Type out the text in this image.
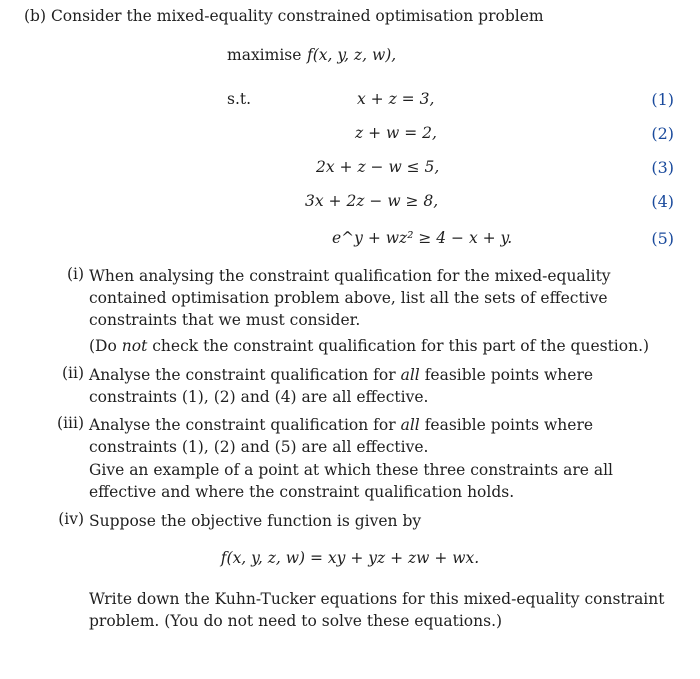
(b) Consider the mixed-equality constrained optimisation problem
maximise f(x, y, z, w),
s.t.	x + z = 3,	(1)
z + w = 2,	(2)
2x + z − w ≤ 5,	(3)
3x + 2z − w ≥ 8,	(4)
e^y + wz² ≥ 4 − x + y.	(5)
(i) When analysing the constraint qualification for the mixed-equality contained optimisation problem above, list all the sets of effective constraints that we must consider.
(Do not check the constraint qualification for this part of the question.)
(ii) Analyse the constraint qualification for all feasible points where constraints (1), (2) and (4) are all effective.
(iii) Analyse the constraint qualification for all feasible points where constraints (1), (2) and (5) are all effective.
Give an example of a point at which these three constraints are all effective and where the constraint qualification holds.
(iv) Suppose the objective function is given by
f(x, y, z, w) = xy + yz + zw + wx.
Write down the Kuhn-Tucker equations for this mixed-equality constraint problem. (You do not need to solve these equations.)
